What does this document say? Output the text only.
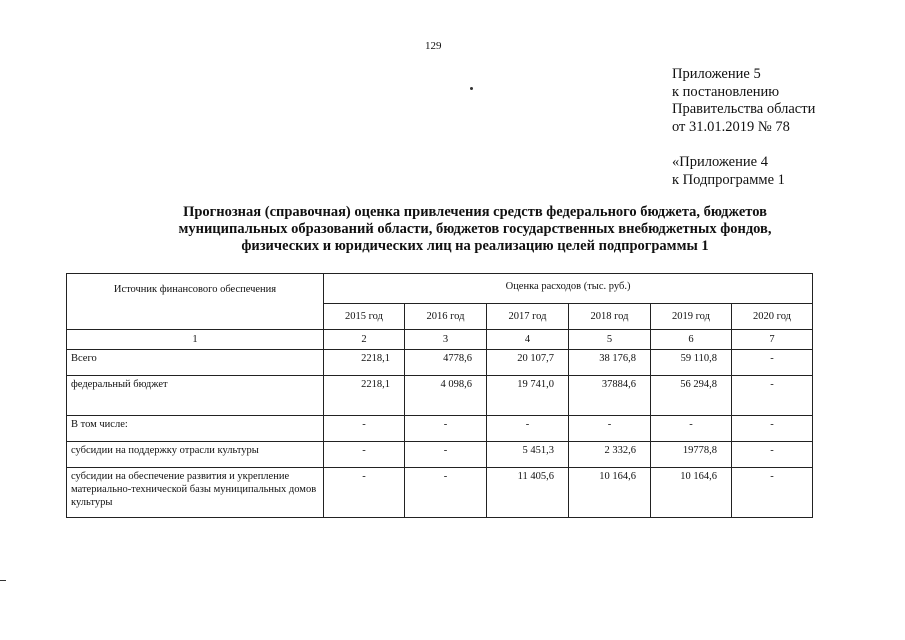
129
Приложение 5
к постановлению
Правительства области
от 31.01.2019 № 78
«Приложение 4
к Подпрограмме 1
Прогнозная (справочная) оценка привлечения средств федерального бюджета, бюджетов
муниципальных образований области, бюджетов государственных внебюджетных фондов,
физических и юридических лиц на реализацию целей подпрограммы 1
Источник финансового обеспечения	Оценка расходов (тыс. руб.)					
	2015 год	2016 год	2017 год	2018 год	2019 год	2020 год
1	2	3	4	5	6	7
Всего	2218,1	4778,6	20 107,7	38 176,8	59 110,8	-
федеральный бюджет	2218,1	4 098,6	19 741,0	37884,6	56 294,8	-
В том числе:	-	-	-	-	-	-
субсидии на поддержку отрасли культуры	-	-	5 451,3	2 332,6	19778,8	-
субсидии на обеспечение развития и укрепление материально-технической базы муниципальных домов культуры	-	-	11 405,6	10 164,6	10 164,6	-
